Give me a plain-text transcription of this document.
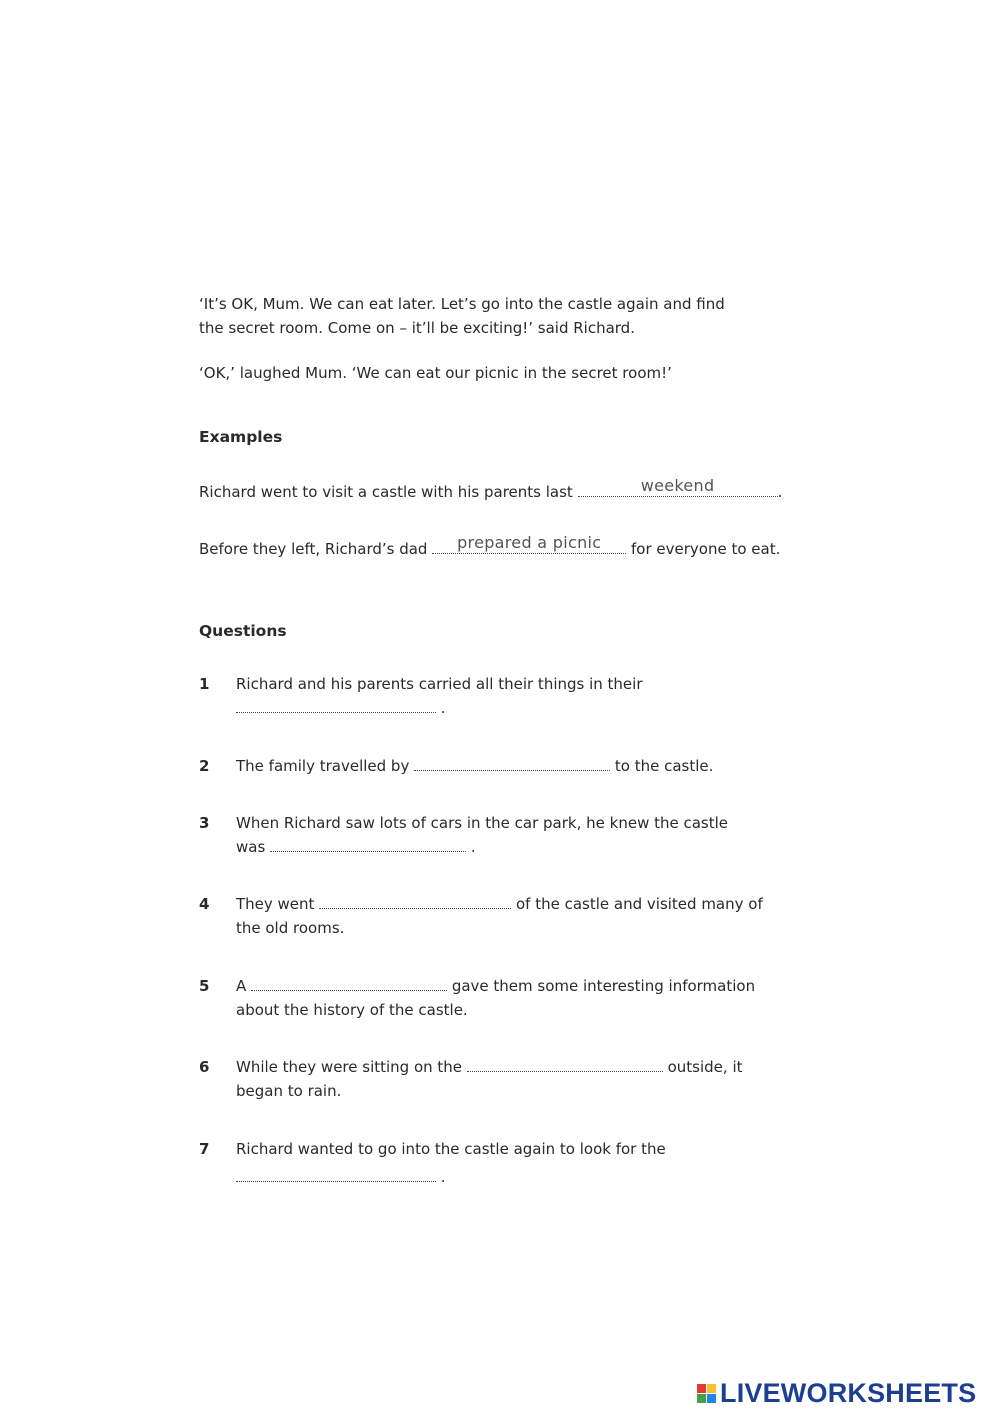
‘It’s OK, Mum. We can eat later. Let’s go into the castle again and find
the secret room. Come on – it’ll be exciting!’ said Richard.
‘OK,’ laughed Mum. ‘We can eat our picnic in the secret room!’
Examples
Richard went to visit a castle with his parents last	weekend	.
Before they left, Richard’s dad	prepared a picnic	for everyone to eat.
Questions
1 Richard and his parents carried all their things in their
.
2 The family travelled by	to the castle.
3 When Richard saw lots of cars in the car park, he knew the castle
was	.
4 They went	of the castle and visited many of
the old rooms.
5 A	gave them some interesting information
about the history of the castle.
6 While they were sitting on the	outside, it
began to rain.
7 Richard wanted to go into the castle again to look for the
.
LIVEWORKSHEETS
